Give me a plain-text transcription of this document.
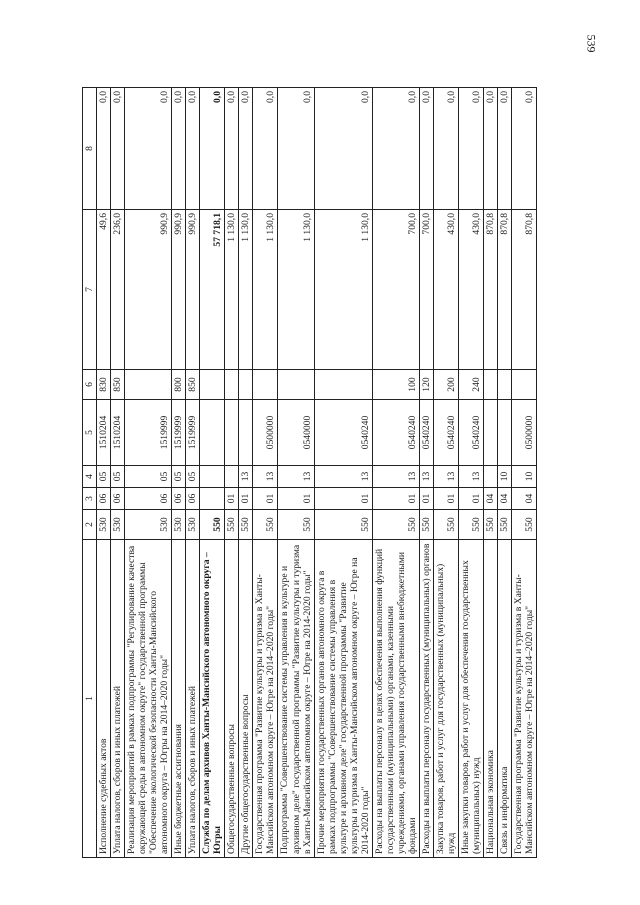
539
1	2	3	4	5	6	7	8
Исполнение судебных актов	530	06	05	1510204	830	49,6	0,0
Уплата налогов, сборов и иных платежей	530	06	05	1510204	850	236,0	0,0
Реализация мероприятий в рамках подпрограммы "Регулирование качества окружающей среды в автономном округе" государственной программы "Обеспечение экологической безопасности Ханты-Мансийского автономного округа – Югры на 2014–2020 годы"	530	06	05	1519999		990,9	0,0
Иные бюджетные ассигнования	530	06	05	1519999	800	990,9	0,0
Уплата налогов, сборов и иных платежей	530	06	05	1519999	850	990,9	0,0
Служба по делам архивов Ханты-Мансийского автономного округа – Югры	550					57 718,1	0,0
Общегосударственные вопросы	550	01				1 130,0	0,0
Другие общегосударственные вопросы	550	01	13			1 130,0	0,0
Государственная программа "Развитие культуры и туризма в Ханты-Мансийском автономном округе – Югре на 2014–2020 годы"	550	01	13	0500000		1 130,0	0,0
Подпрограмма "Совершенствование системы управления в культуре и архивном деле" государственной программы "Развитие культуры и туризма в Ханты-Мансийском автономном округе – Югре на 2014-2020 годы"	550	01	13	0540000		1 130,0	0,0
Прочие мероприятия государственных органов автономного округа в рамках подпрограммы "Совершенствование системы управления в культуре и архивном деле" государственной программы "Развитие культуры и туризма в Ханты-Мансийском автономном округе – Югре на 2014-2020 годы"	550	01	13	0540240		1 130,0	0,0
Расходы на выплаты персоналу в целях обеспечения выполнения функций государственными (муниципальными) органами, казенными учреждениями, органами управления государственными внебюджетными фондами	550	01	13	0540240	100	700,0	0,0
Расходы на выплаты персоналу государственных (муниципальных) органов	550	01	13	0540240	120	700,0	0,0
Закупка товаров, работ и услуг для государственных (муниципальных) нужд	550	01	13	0540240	200	430,0	0,0
Иные закупки товаров, работ и услуг для обеспечения государственных (муниципальных) нужд	550	01	13	0540240	240	430,0	0,0
Национальная экономика	550	04				870,8	0,0
Связь и информатика	550	04	10			870,8	0,0
Государственная программа "Развитие культуры и туризма в Ханты-Мансийском автономном округе – Югре на 2014–2020 годы"	550	04	10	0500000		870,8	0,0
